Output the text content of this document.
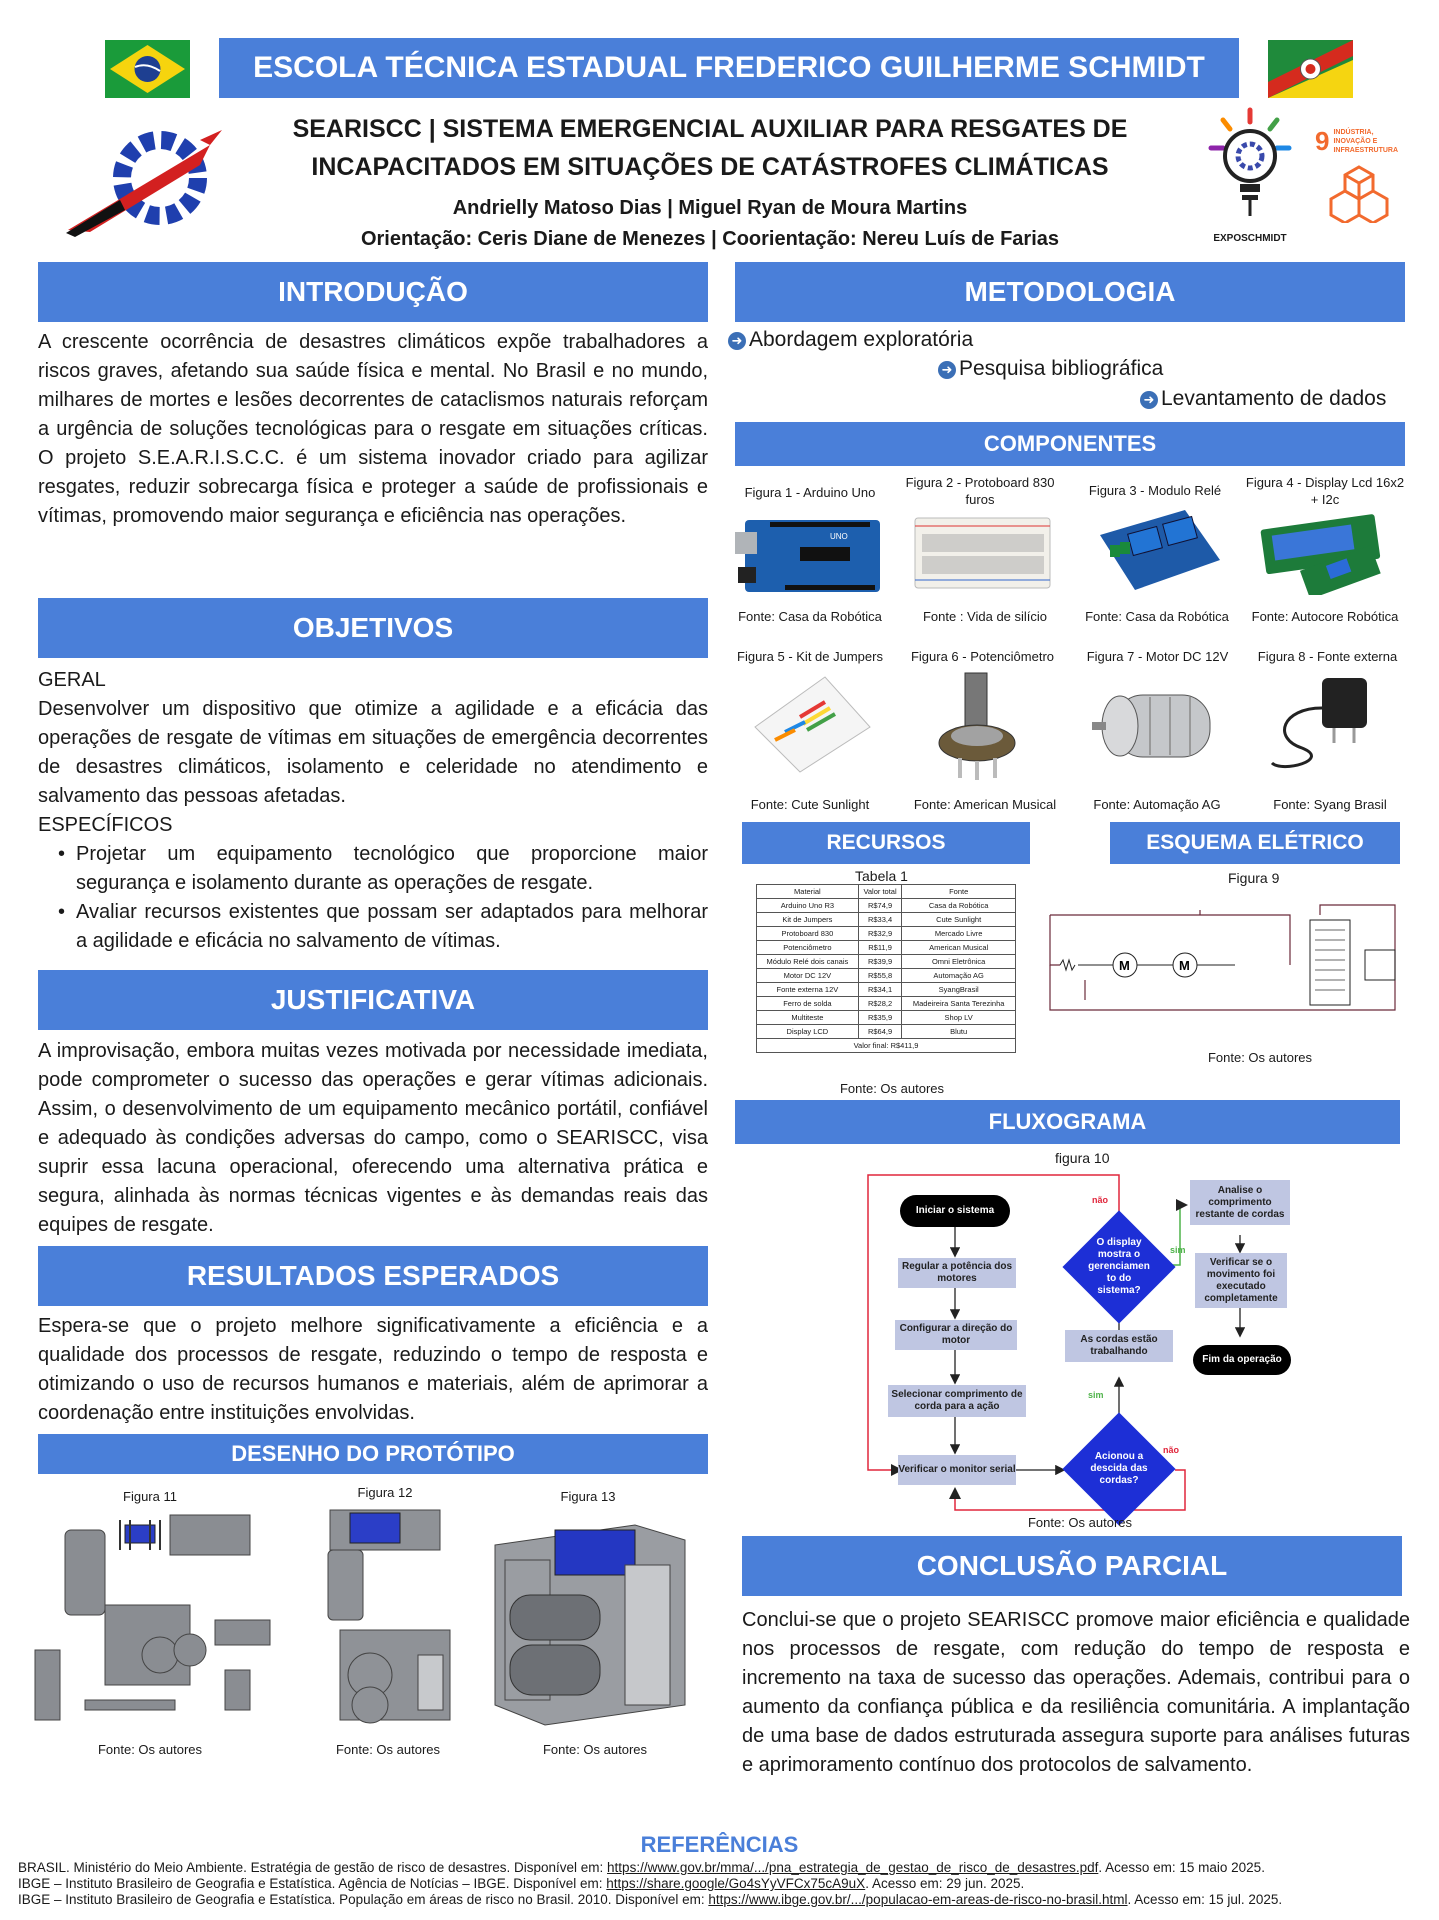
ESCOLA TÉCNICA ESTADUAL FREDERICO GUILHERME SCHMIDT
SEARISCC | SISTEMA EMERGENCIAL AUXILIAR PARA RESGATES DE
INCAPACITADOS EM SITUAÇÕES DE CATÁSTROFES CLIMÁTICAS
Andrielly Matoso Dias | Miguel Ryan de Moura Martins
Orientação: Ceris Diane de Menezes | Coorientação: Nereu Luís de Farias	EXPOSCHMIDT
9 INDÚSTRIA, INOVAÇÃO E INFRAESTRUTURA
INTRODUÇÃO
A crescente ocorrência de desastres climáticos expõe trabalhadores a riscos graves, afetando sua saúde física e mental. No Brasil e no mundo, milhares de mortes e lesões decorrentes de cataclismos naturais reforçam a urgência de soluções tecnológicas para o resgate em situações críticas. O projeto S.E.A.R.I.S.C.C. é um sistema inovador criado para agilizar resgates, reduzir sobrecarga física e proteger a saúde de profissionais e vítimas, promovendo maior segurança e eficiência nas operações.
OBJETIVOS
GERAL
Desenvolver um dispositivo que otimize a agilidade e a eficácia das operações de resgate de vítimas em situações de emergência decorrentes de desastres climáticos, isolamento e celeridade no atendimento e salvamento das pessoas afetadas.
ESPECÍFICOS
• Projetar um equipamento tecnológico que proporcione maior segurança e isolamento durante as operações de resgate.
• Avaliar recursos existentes que possam ser adaptados para melhorar a agilidade e eficácia no salvamento de vítimas.
JUSTIFICATIVA
A improvisação, embora muitas vezes motivada por necessidade imediata, pode comprometer o sucesso das operações e gerar vítimas adicionais. Assim, o desenvolvimento de um equipamento mecânico portátil, confiável e adequado às condições adversas do campo, como o SEARISCC, visa suprir essa lacuna operacional, oferecendo uma alternativa prática e segura, alinhada às normas técnicas vigentes e às demandas reais das equipes de resgate.
RESULTADOS ESPERADOS
Espera-se que o projeto melhore significativamente a eficiência e a qualidade dos processos de resgate, reduzindo o tempo de resposta e otimizando o uso de recursos humanos e materiais, além de aprimorar a coordenação entre instituições envolvidas.
DESENHO DO PROTÓTIPO
Figura 11
Fonte: Os autores
Figura 12
Fonte: Os autores
Figura 13
Fonte: Os autores
METODOLOGIA
➜ Abordagem exploratória
➜ Pesquisa bibliográfica
➜ Levantamento de dados
COMPONENTES
Figura 1 - Arduino Uno
UNO
Fonte: Casa da Robótica
Figura 2 - Protoboard 830 furos
Fonte : Vida de silício
Figura 3 - Modulo Relé
Fonte: Casa da Robótica
Figura 4 - Display Lcd 16x2 + I2c
Fonte: Autocore Robótica
Figura 5 - Kit de Jumpers
Fonte: Cute Sunlight
Figura 6 - Potenciômetro
Fonte: American Musical
Figura 7 - Motor DC 12V
Fonte: Automação AG
Figura 8 - Fonte externa
Fonte: Syang Brasil
RECURSOS	ESQUEMA ELÉTRICO
Tabela 1
Material	Valor total	Fonte
Arduino Uno R3	R$74,9	Casa da Robótica
Kit de Jumpers	R$33,4	Cute Sunlight
Protoboard 830	R$32,9	Mercado Livre
Potenciômetro	R$11,9	American Musical
Módulo Relé dois canais	R$39,9	Omni Eletrônica
Motor DC 12V	R$55,8	Automação AG
Fonte externa 12V	R$34,1	SyangBrasil
Ferro de solda	R$28,2	Madeireira Santa Terezinha
Multiteste	R$35,9	Shop LV
Display LCD	R$64,9	Blutu
Valor final: R$411,9		
Fonte: Os autores
Figura 9
M	M
Fonte: Os autores
FLUXOGRAMA
figura 10
Iniciar o sistema
Regular a potência dos motores
Configurar a direção do motor
Selecionar comprimento de corda para a ação
Verificar o monitor serial
O display mostra o gerenciamen to do sistema?
As cordas estão trabalhando
Acionou a descida das cordas?
Analise o comprimento restante de cordas
Verificar se o movimento foi executado completamente
Fim da operação
não
sim
sim
não
Fonte: Os autores
CONCLUSÃO PARCIAL
Conclui-se que o projeto SEARISCC promove maior eficiência e qualidade nos processos de resgate, com redução do tempo de resposta e incremento na taxa de sucesso das operações. Ademais, contribui para o aumento da confiança pública e da resiliência comunitária. A implantação de uma base de dados estruturada assegura suporte para análises futuras e aprimoramento contínuo dos protocolos de salvamento.
REFERÊNCIAS
BRASIL. Ministério do Meio Ambiente. Estratégia de gestão de risco de desastres. Disponível em: https://www.gov.br/mma/.../pna_estrategia_de_gestao_de_risco_de_desastres.pdf. Acesso em: 15 maio 2025.
IBGE – Instituto Brasileiro de Geografia e Estatística. Agência de Notícias – IBGE. Disponível em: https://share.google/Go4sYyVFCx75cA9uX. Acesso em: 29 jun. 2025.
IBGE – Instituto Brasileiro de Geografia e Estatística. População em áreas de risco no Brasil. 2010. Disponível em: https://www.ibge.gov.br/.../populacao-em-areas-de-risco-no-brasil.html. Acesso em: 15 jul. 2025.
